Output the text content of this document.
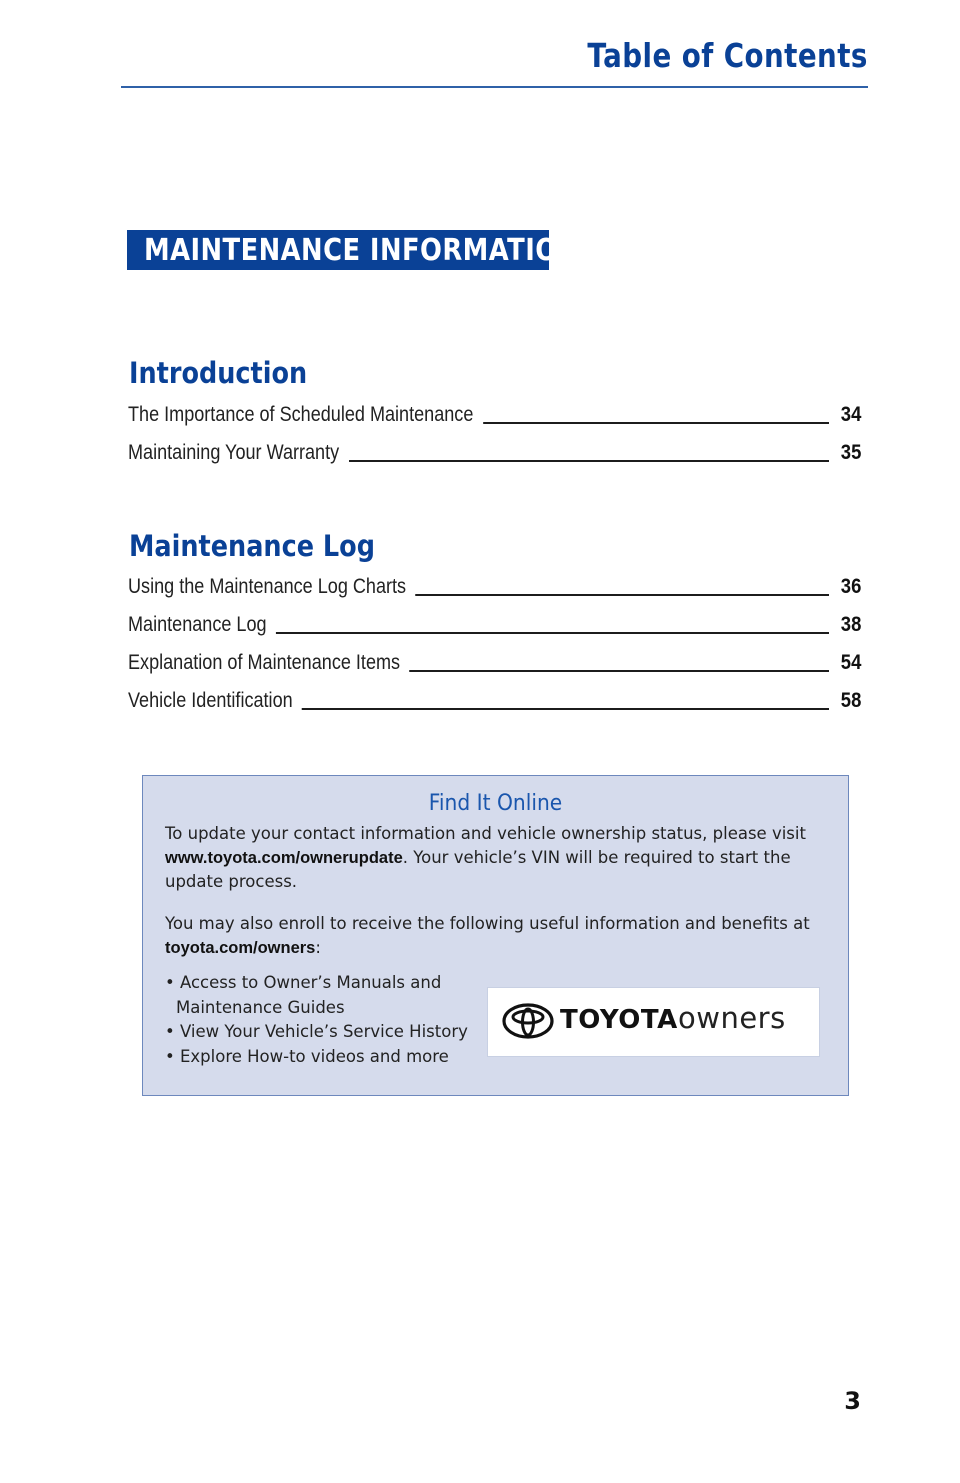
Table of Contents
MAINTENANCE INFORMATION
Introduction
The Importance of Scheduled Maintenance	34
Maintaining Your Warranty	35
Maintenance Log
Using the Maintenance Log Charts	36
Maintenance Log	38
Explanation of Maintenance Items	54
Vehicle Identification	58
Find It Online
To update your contact information and vehicle ownership status, please visit www.toyota.com/ownerupdate. Your vehicle’s VIN will be required to start the update process.
You may also enroll to receive the following useful information and beneﬁts at toyota.com/owners:
• Access to Owner’s Manuals and Maintenance Guides
• View Your Vehicle’s Service History
• Explore How-to videos and more
TOYOTA owners
3
